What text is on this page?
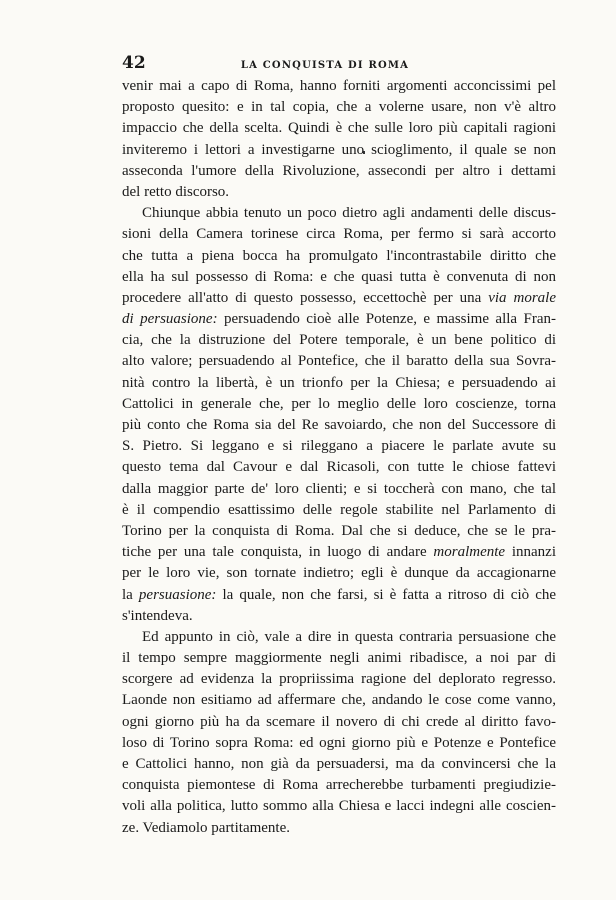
42	LA CONQUISTA DI ROMA
venir mai a capo di Roma, hanno forniti argomenti acconcissimi pel
proposto quesito: e in tal copia, che a volerne usare, non v'è altro
impaccio che della scelta. Quindi è che sulle loro più capitali ragioni
inviteremo i lettori a investigarne uno scioglimento, il quale se non
asseconda l'umore della Rivoluzione, assecondi per altro i dettami
del retto discorso.
Chiunque abbia tenuto un poco dietro agli andamenti delle discus-
sioni della Camera torinese circa Roma, per fermo si sarà accorto
che tutta a piena bocca ha promulgato l'incontrastabile diritto che
ella ha sul possesso di Roma: e che quasi tutta è convenuta di non
procedere all'atto di questo possesso, eccettochè per una via morale
di persuasione: persuadendo cioè alle Potenze, e massime alla Fran-
cia, che la distruzione del Potere temporale, è un bene politico di
alto valore; persuadendo al Pontefice, che il baratto della sua Sovra-
nità contro la libertà, è un trionfo per la Chiesa; e persuadendo ai
Cattolici in generale che, per lo meglio delle loro coscienze, torna
più conto che Roma sia del Re savoiardo, che non del Successore di
S. Pietro. Si leggano e si rileggano a piacere le parlate avute su
questo tema dal Cavour e dal Ricasoli, con tutte le chiose fattevi
dalla maggior parte de' loro clienti; e si toccherà con mano, che tal
è il compendio esattissimo delle regole stabilite nel Parlamento di
Torino per la conquista di Roma. Dal che si deduce, che se le pra-
tiche per una tale conquista, in luogo di andare moralmente innanzi
per le loro vie, son tornate indietro; egli è dunque da accagionarne
la persuasione: la quale, non che farsi, si è fatta a ritroso di ciò che
s'intendeva.
Ed appunto in ciò, vale a dire in questa contraria persuasione che
il tempo sempre maggiormente negli animi ribadisce, a noi par di
scorgere ad evidenza la propriissima ragione del deplorato regresso.
Laonde non esitiamo ad affermare che, andando le cose come vanno,
ogni giorno più ha da scemare il novero di chi crede al diritto favo-
loso di Torino sopra Roma: ed ogni giorno più e Potenze e Pontefice
e Cattolici hanno, non già da persuadersi, ma da convincersi che la
conquista piemontese di Roma arrecherebbe turbamenti pregiudizie-
voli alla politica, lutto sommo alla Chiesa e lacci indegni alle coscien-
ze. Vediamolo partitamente.
